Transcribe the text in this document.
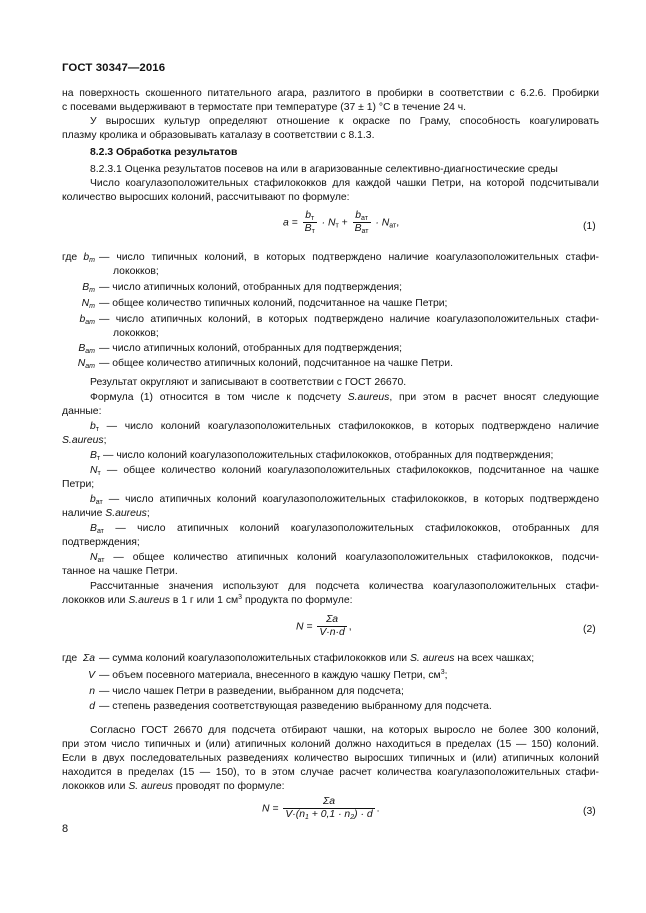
ГОСТ 30347—2016
на поверхность скошенного питательного агара, разлитого в пробирки в соответствии с 6.2.6. Пробирки
с посевами выдерживают в термостате при температуре (37 ± 1) °С в течение 24 ч.
У выросших культур определяют отношение к окраске по Граму, способность коагулировать
плазму кролика и образовывать каталазу в соответствии с 8.1.3.
8.2.3 Обработка результатов
8.2.3.1 Оценка результатов посевов на или в агаризованные селективно-диагностические среды
Число коагулазоположительных стафилококков для каждой чашки Петри, на которой подсчитывали
количество выросших колоний, рассчитывают по формуле:
$a = \frac{b_т}{B_т} \cdot N_т + \frac{b_{ат}}{B_{ат}} \cdot N_{ат}$,	(1)
где $b_т$ — число типичных колоний, в которых подтверждено наличие коагулазоположительных стафи-
лококков;
$B_т$ — число атипичных колоний, отобранных для подтверждения;
$N_т$ — общее количество типичных колоний, подсчитанное на чашке Петри;
$b_{ат}$ — число атипичных колоний, в которых подтверждено наличие коагулазоположительных стафи-
лококков;
$B_{ат}$ — число атипичных колоний, отобранных для подтверждения;
$N_{ат}$ — общее количество атипичных колоний, подсчитанное на чашке Петри.
Результат округляют и записывают в соответствии с ГОСТ 26670.
Формула (1) относится в том числе к подсчету S.aureus, при этом в расчет вносят следующие
данные:
$b_т$ — число колоний коагулазоположительных стафилококков, в которых подтверждено наличие
S.aureus;
$B_т$ — число колоний коагулазоположительных стафилококков, отобранных для подтверждения;
$N_т$ — общее количество колоний коагулазоположительных стафилококков, подсчитанное на чашке
Петри;
$b_{ат}$ — число атипичных колоний коагулазоположительных стафилококков, в которых подтверждено
наличие S.aureus;
$B_{ат}$ — число атипичных колоний коагулазоположительных стафилококков, отобранных для
подтверждения;
$N_{ат}$ — общее количество атипичных колоний коагулазоположительных стафилококков, подсчи-
танное на чашке Петри.
Рассчитанные значения используют для подсчета количества коагулазоположительных стафи-
лококков или S.aureus в 1 г или 1 $см^3$ продукта по формуле:
$N = \frac{\Sigma a}{V\cdot n\cdot d}$ ,	(2)
где Σa — сумма колоний коагулазоположительных стафилококков или S. aureus на всех чашках;
V — объем посевного материала, внесенного в каждую чашку Петри, $см^3$;
n — число чашек Петри в разведении, выбранном для подсчета;
d — степень разведения соответствующая разведению выбранному для подсчета.
Согласно ГОСТ 26670 для подсчета отбирают чашки, на которых выросло не более 300 колоний,
при этом число типичных и (или) атипичных колоний должно находиться в пределах (15 — 150) колоний.
Если в двух последовательных разведениях количество выросших типичных и (или) атипичных колоний
находится в пределах (15 — 150), то в этом случае расчет количества коагулазоположительных стафи-
лококков или S. aureus проводят по формуле:
$N = \frac{\Sigma a}{V\cdot(n_1 + 0,1 \cdot n_2) \cdot d}$ .	(3)
8
